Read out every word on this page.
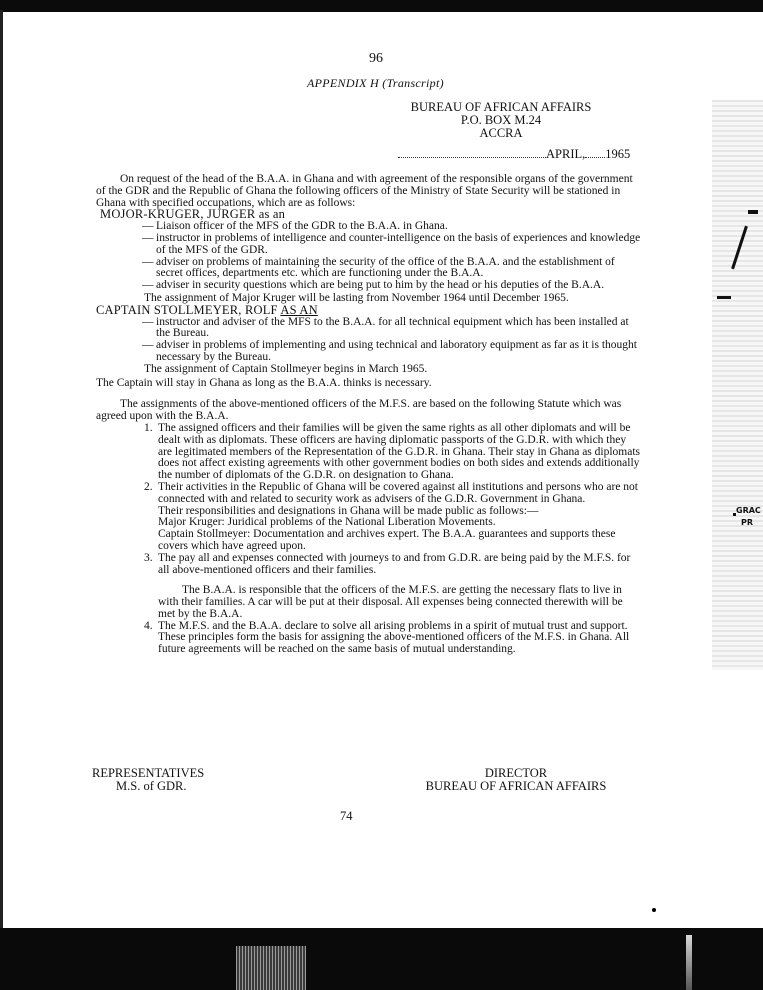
GRAC
PR
96
APPENDIX H (Transcript)
BUREAU OF AFRICAN AFFAIRS
P.O. BOX M.24
ACCRA
APRIL, 1965

On request of the head of the B.A.A. in Ghana and with agreement of the responsible organs of the government of the GDR and the Republic of Ghana the following officers of the Ministry of State Security will be stationed in Ghana with specified occupations, which are as follows:

MOJOR-KRUGER, JURGER as an

— Liaison officer of the MFS of the GDR to the B.A.A. in Ghana.

— instructor in problems of intelligence and counter-intelligence on the basis of experiences and knowledge of the MFS of the GDR.

— adviser on problems of maintaining the security of the office of the B.A.A. and the establishment of secret offices, departments etc. which are functioning under the B.A.A.

— adviser in security questions which are being put to him by the head or his deputies of the B.A.A.

The assignment of Major Kruger will be lasting from November 1964 until December 1965.

CAPTAIN STOLLMEYER, ROLF AS AN

— instructor and adviser of the MFS to the B.A.A. for all technical equipment which has been installed at the Bureau.

— adviser in problems of implementing and using technical and laboratory equipment as far as it is thought necessary by the Bureau.

The assignment of Captain Stollmeyer begins in March 1965.

The Captain will stay in Ghana as long as the B.A.A. thinks is necessary.

The assignments of the above-mentioned officers of the M.F.S. are based on the following Statute which was agreed upon with the B.A.A.

1. The assigned officers and their families will be given the same rights as all other diplomats and will be dealt with as diplomats. These officers are having diplomatic passports of the G.D.R. with which they are legitimated members of the Representation of the G.D.R. in Ghana. Their stay in Ghana as diplomats does not affect existing agreements with other government bodies on both sides and extends additionally the number of diplomats of the G.D.R. on designation to Ghana.

2. Their activities in the Republic of Ghana will be covered against all institutions and persons who are not connected with and related to security work as advisers of the G.D.R. Government in Ghana.

Their responsibilities and designations in Ghana will be made public as follows:—

Major Kruger: Juridical problems of the National Liberation Movements.

Captain Stollmeyer: Documentation and archives expert. The B.A.A. guarantees and supports these covers which have agreed upon.

3. The pay all and expenses connected with journeys to and from G.D.R. are being paid by the M.F.S. for all above-mentioned officers and their families.

The B.A.A. is responsible that the officers of the M.F.S. are getting the necessary flats to live in with their families. A car will be put at their disposal. All expenses being connected therewith will be met by the B.A.A.

4. The M.F.S. and the B.A.A. declare to solve all arising problems in a spirit of mutual trust and support. These principles form the basis for assigning the above-mentioned officers of the M.F.S. in Ghana. All future agreements will be reached on the same basis of mutual understanding.

REPRESENTATIVES
M.S. of GDR.
DIRECTOR
BUREAU OF AFRICAN AFFAIRS
74
